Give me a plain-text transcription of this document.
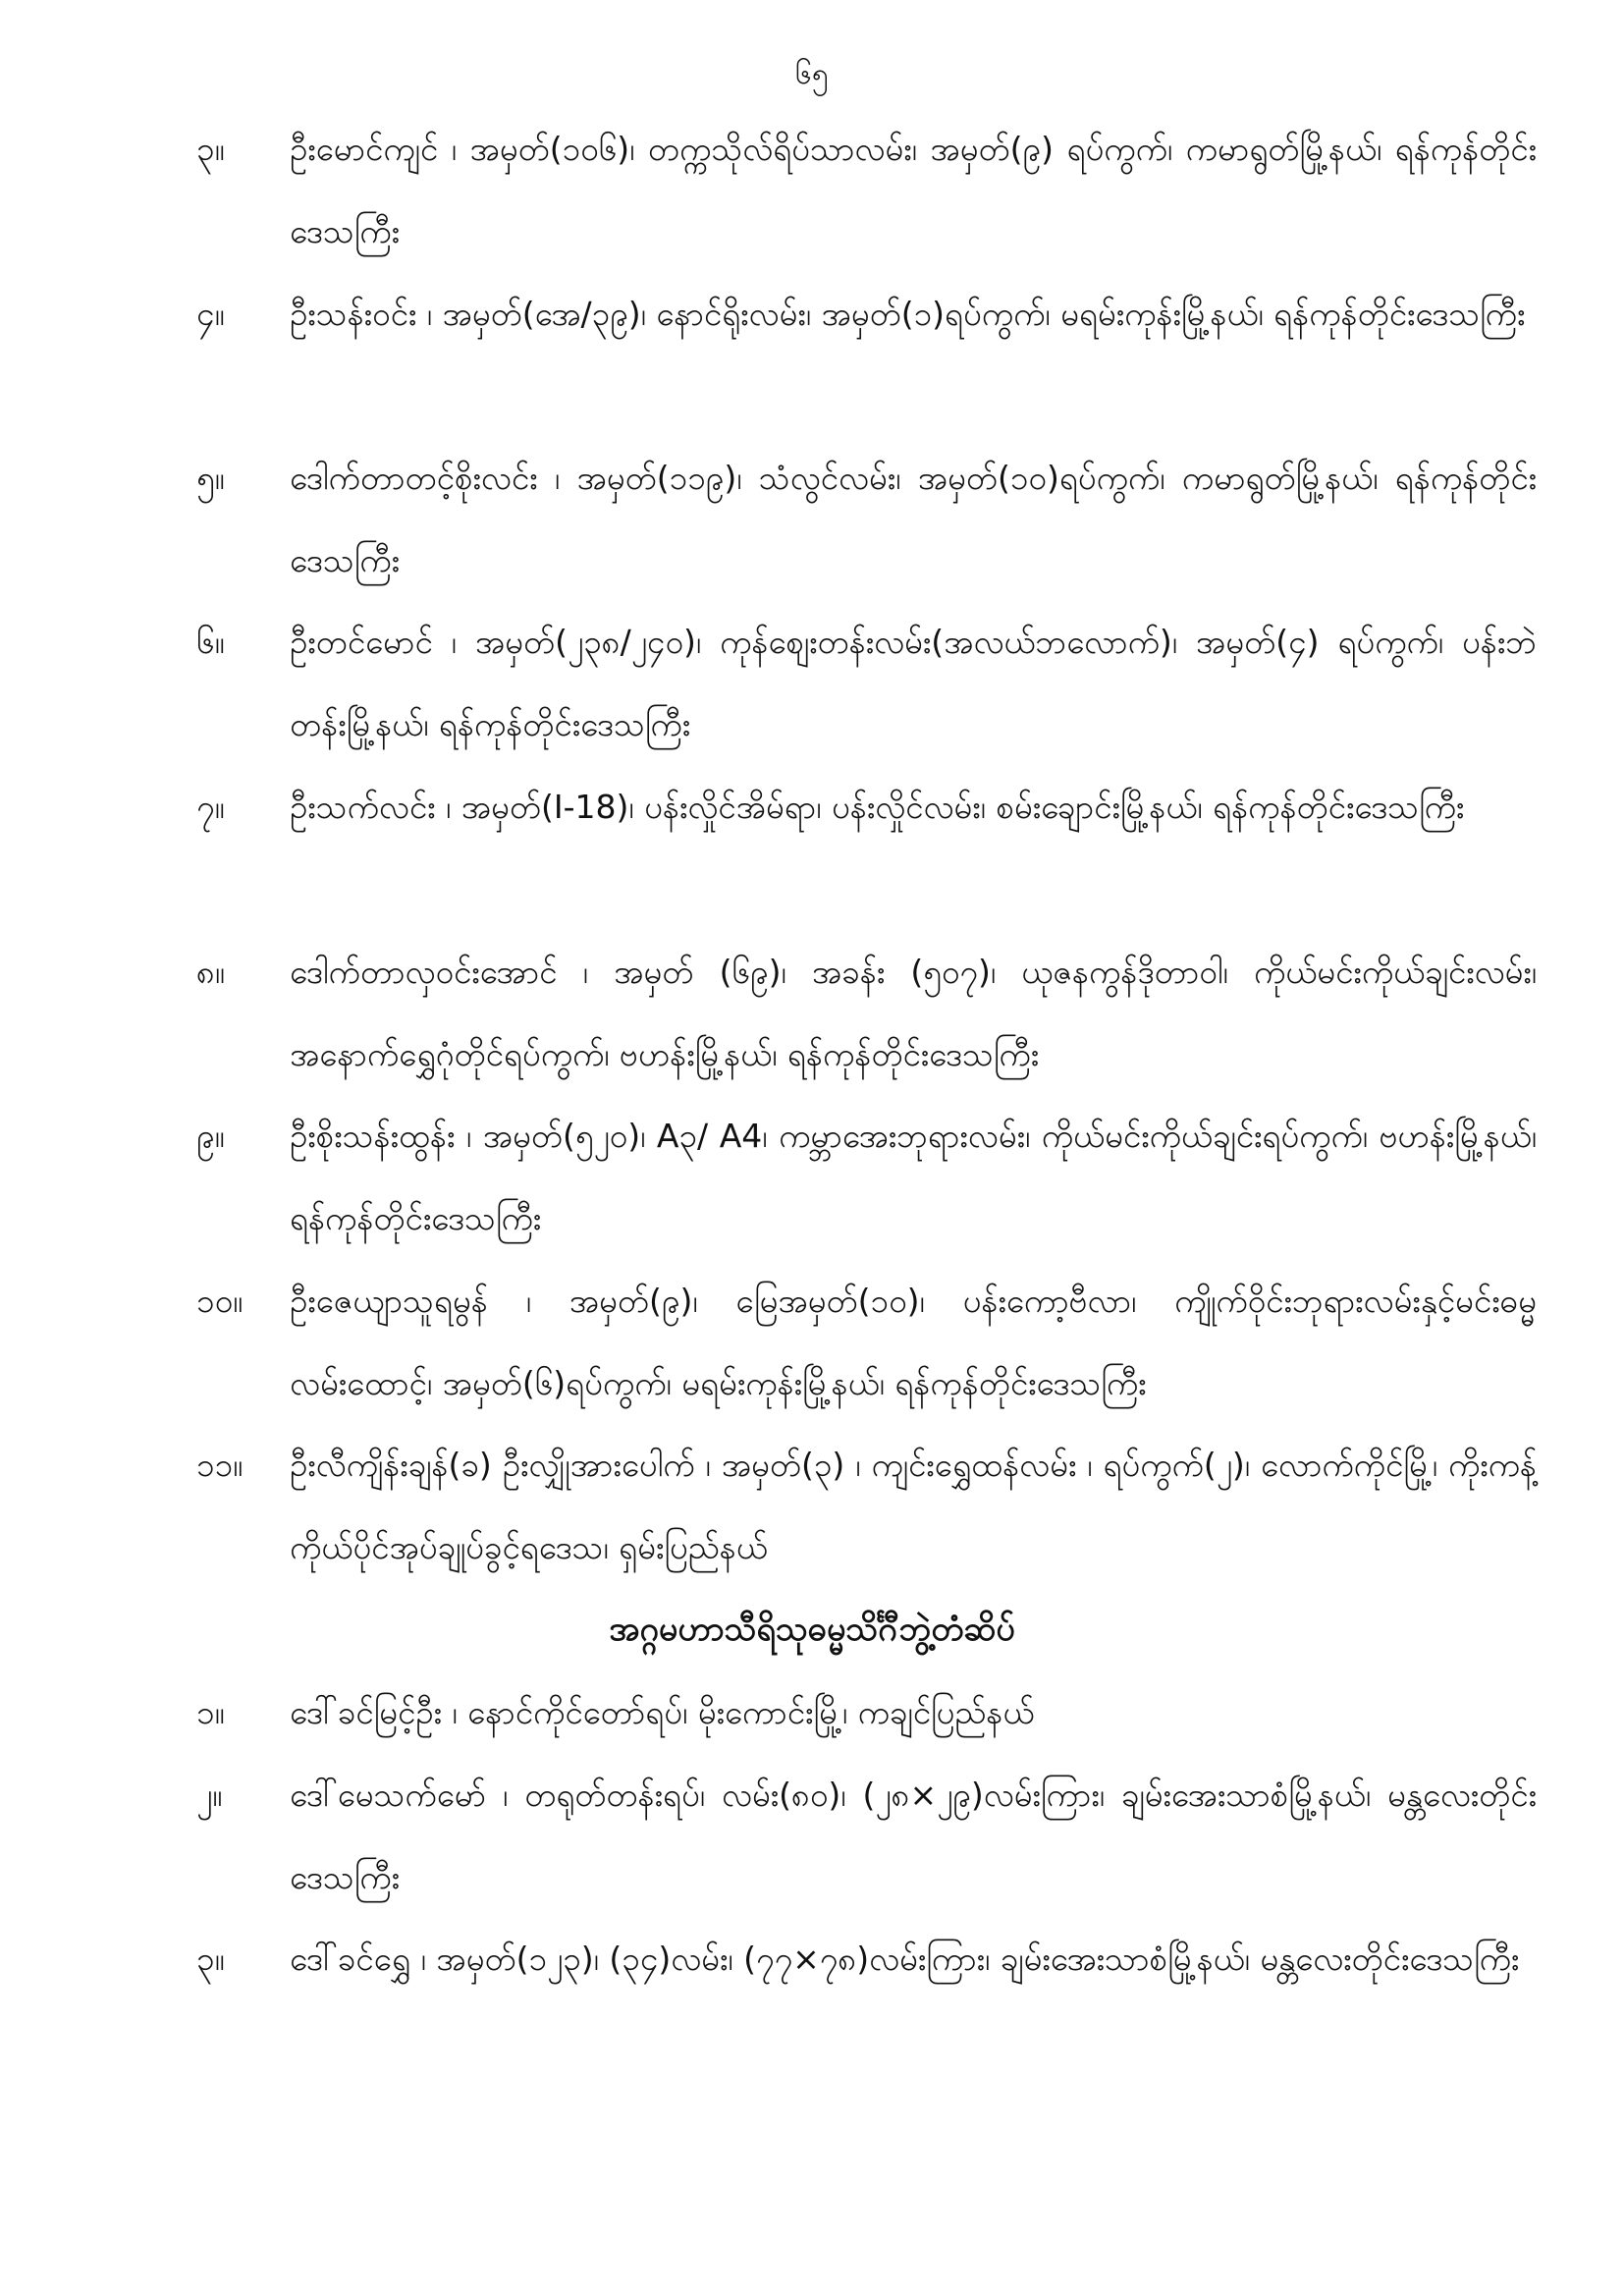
၆၅
၃။	ဦးမောင်ကျင် ၊ အမှတ်(၁၀၆)၊ တက္ကသိုလ်ရိပ်သာလမ်း၊ အမှတ်(၉) ရပ်ကွက်၊ ကမာရွတ်မြို့နယ်၊ ရန်ကုန်တိုင်းဒေသကြီး
၄။	ဦးသန်းဝင်း ၊ အမှတ်(အေ/၃၉)၊ နောင်ရိုးလမ်း၊ အမှတ်(၁)ရပ်ကွက်၊ မရမ်းကုန်းမြို့နယ်၊ ရန်ကုန်တိုင်းဒေသကြီး
၅။	ဒေါက်တာတင့်စိုးလင်း ၊ အမှတ်(၁၁၉)၊ သံလွင်လမ်း၊ အမှတ်(၁၀)ရပ်ကွက်၊ ကမာရွတ်မြို့နယ်၊ ရန်ကုန်တိုင်းဒေသကြီး
၆။	ဦးတင်မောင် ၊ အမှတ်(၂၃၈/၂၄၀)၊ ကုန်စျေးတန်းလမ်း(အလယ်ဘလောက်)၊ အမှတ်(၄) ရပ်ကွက်၊ ပန်းဘဲတန်းမြို့နယ်၊ ရန်ကုန်တိုင်းဒေသကြီး
၇။	ဦးသက်လင်း ၊ အမှတ်(I-18)၊ ပန်းလှိုင်အိမ်ရာ၊ ပန်းလှိုင်လမ်း၊ စမ်းချောင်းမြို့နယ်၊ ရန်ကုန်တိုင်းဒေသကြီး
၈။	ဒေါက်တာလှဝင်းအောင် ၊ အမှတ် (၆၉)၊ အခန်း (၅၀၇)၊ ယုဇနကွန်ဒိုတာဝါ၊ ကိုယ်မင်းကိုယ်ချင်းလမ်း၊ အနောက်ရွှေဂုံတိုင်ရပ်ကွက်၊ ဗဟန်းမြို့နယ်၊ ရန်ကုန်တိုင်းဒေသကြီး
၉။	ဦးစိုးသန်းထွန်း ၊ အမှတ်(၅၂၀)၊ A၃/ A4၊ ကမ္ဘာအေးဘုရားလမ်း၊ ကိုယ်မင်းကိုယ်ချင်းရပ်ကွက်၊ ဗဟန်းမြို့နယ်၊ ရန်ကုန်တိုင်းဒေသကြီး
၁၀။	ဦးဇေယျာသူရမွန် ၊ အမှတ်(၉)၊ မြေအမှတ်(၁၀)၊ ပန်းကော့ဗီလာ၊ ကျိုက်ဝိုင်းဘုရားလမ်းနှင့်မင်းဓမ္မလမ်းထောင့်၊ အမှတ်(၆)ရပ်ကွက်၊ မရမ်းကုန်းမြို့နယ်၊ ရန်ကုန်တိုင်းဒေသကြီး
၁၁။	ဦးလီကျိန်းချန်(ခ) ဦးလျှိုအားပေါက် ၊ အမှတ်(၃) ၊ ကျင်းရွှေထန်လမ်း ၊ ရပ်ကွက်(၂)၊ လောက်ကိုင်မြို့၊ ကိုးကန့်ကိုယ်ပိုင်အုပ်ချုပ်ခွင့်ရဒေသ၊ ရှမ်းပြည်နယ်
အဂ္ဂမဟာသီရိသုဓမ္မသိင်္ဂီဘွဲ့တံဆိပ်
၁။	ဒေါ်ခင်မြင့်ဦး ၊ နောင်ကိုင်တော်ရပ်၊ မိုးကောင်းမြို့၊ ကချင်ပြည်နယ်
၂။	ဒေါ်မေသက်မော် ၊ တရုတ်တန်းရပ်၊ လမ်း(၈၀)၊ (၂၈×၂၉)လမ်းကြား၊ ချမ်းအေးသာစံမြို့နယ်၊ မန္တလေးတိုင်းဒေသကြီး
၃။	ဒေါ်ခင်ရွှေ ၊ အမှတ်(၁၂၃)၊ (၃၄)လမ်း၊ (၇၇×၇၈)လမ်းကြား၊ ချမ်းအေးသာစံမြို့နယ်၊ မန္တလေးတိုင်းဒေသကြီး
